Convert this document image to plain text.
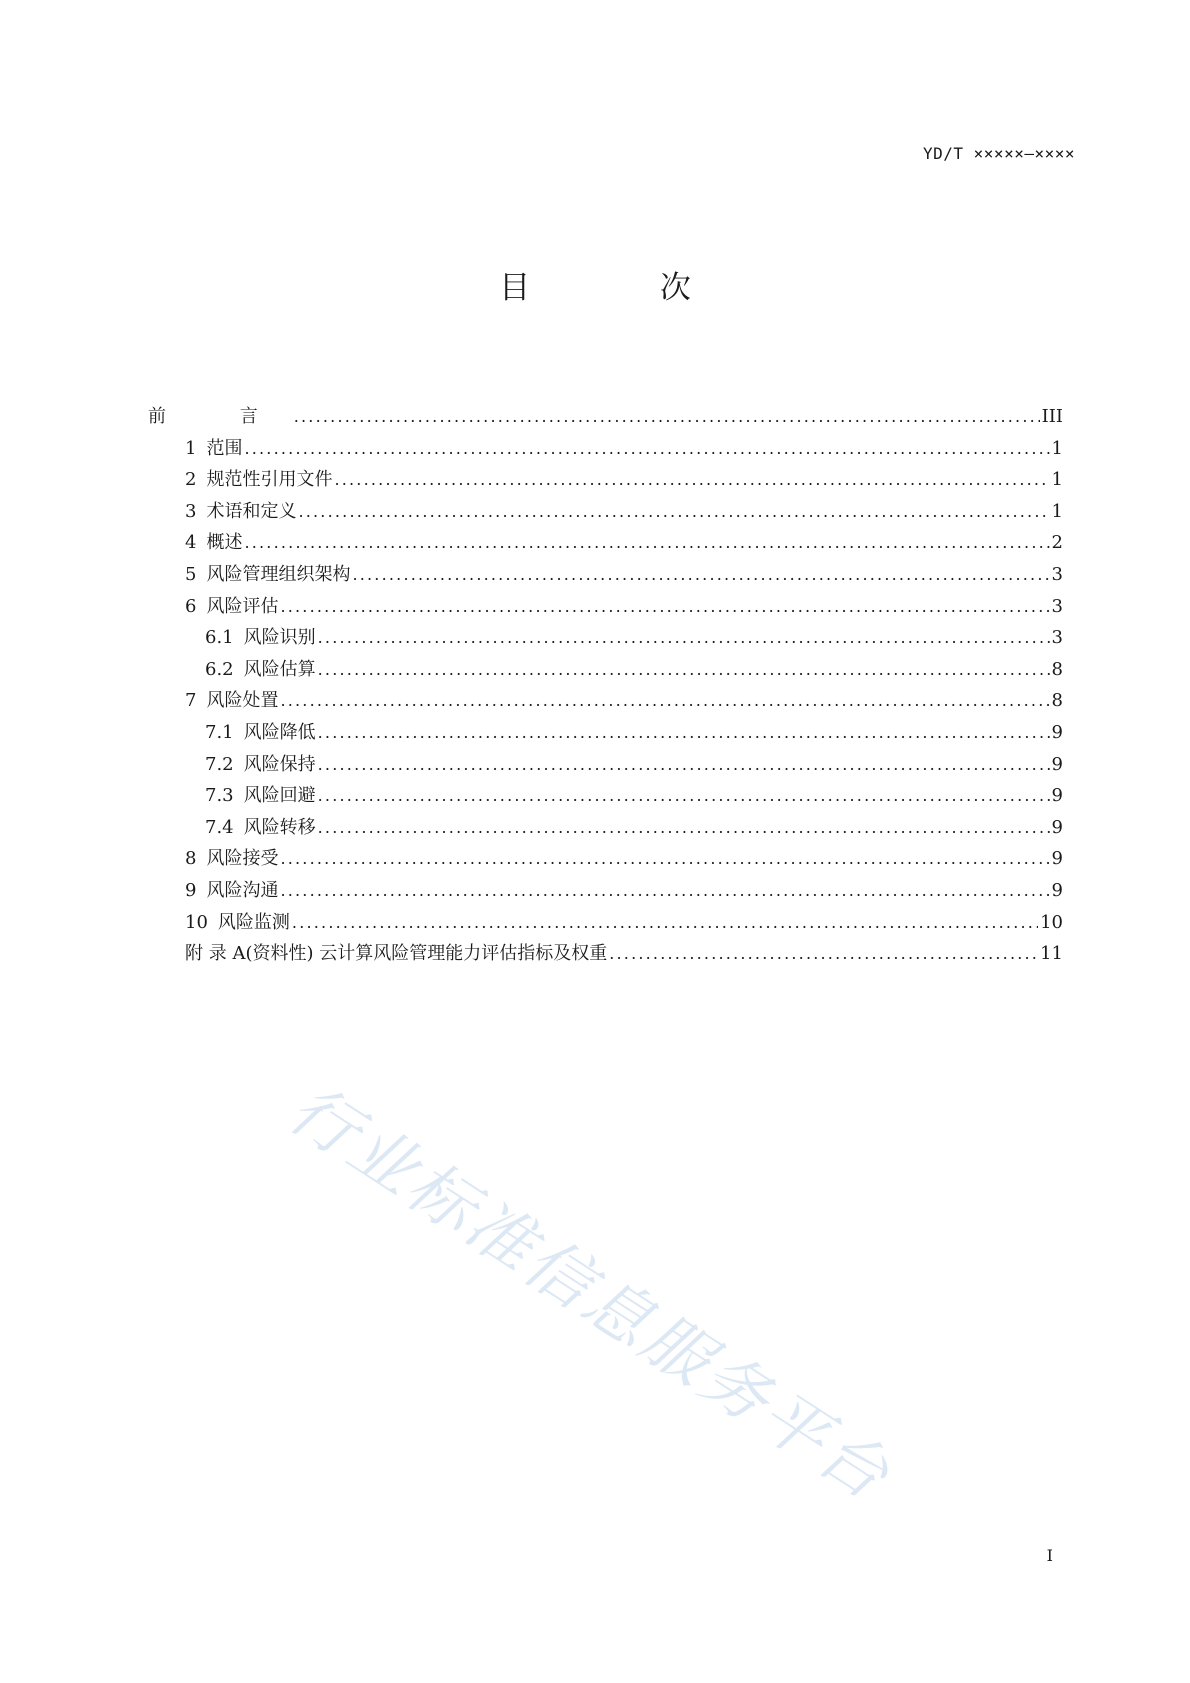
YD/T ×××××—××××
目 次
前 言 .....	III
1 范围 .....	1
2 规范性引用文件 .....	1
3 术语和定义 .....	1
4 概述 .....	2
5 风险管理组织架构 .....	3
6 风险评估 .....	3
6.1 风险识别 .....	3
6.2 风险估算 .....	8
7 风险处置 .....	8
7.1 风险降低 .....	9
7.2 风险保持 .....	9
7.3 风险回避 .....	9
7.4 风险转移 .....	9
8 风险接受 .....	9
9 风险沟通 .....	9
10 风险监测 .....	10
附 录 A(资料性) 云计算风险管理能力评估指标及权重 .....	11
行业标准信息服务平台
I
